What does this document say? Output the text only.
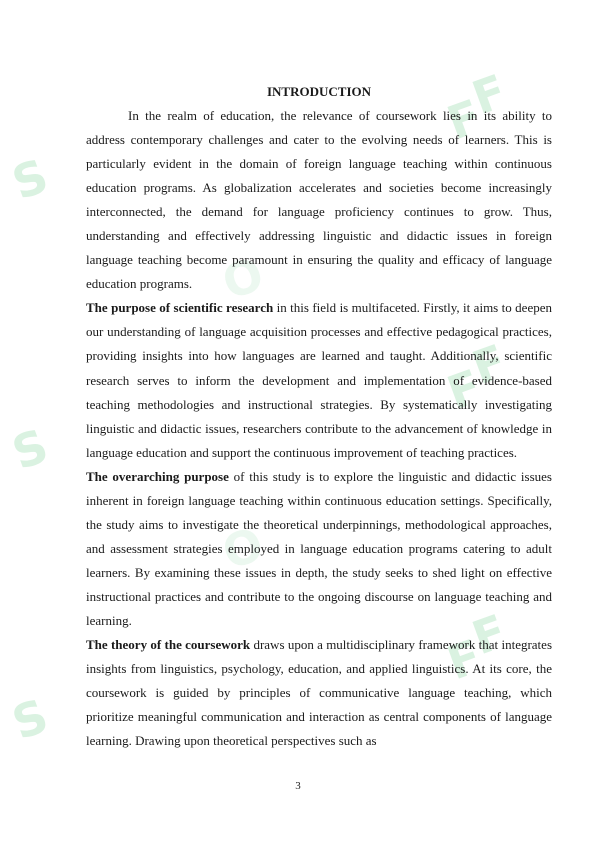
S
S
S
F
F
F
F
F
F
O
O
INTRODUCTION

In the realm of education, the relevance of coursework lies in its ability to address contemporary challenges and cater to the evolving needs of learners. This is particularly evident in the domain of foreign language teaching within continuous education programs. As globalization accelerates and societies become increasingly interconnected, the demand for language proficiency continues to grow. Thus, understanding and effectively addressing linguistic and didactic issues in foreign language teaching become paramount in ensuring the quality and efficacy of language education programs.

The purpose of scientific research in this field is multifaceted. Firstly, it aims to deepen our understanding of language acquisition processes and effective pedagogical practices, providing insights into how languages are learned and taught. Additionally, scientific research serves to inform the development and implementation of evidence-based teaching methodologies and instructional strategies. By systematically investigating linguistic and didactic issues, researchers contribute to the advancement of knowledge in language education and support the continuous improvement of teaching practices.

The overarching purpose of this study is to explore the linguistic and didactic issues inherent in foreign language teaching within continuous education settings. Specifically, the study aims to investigate the theoretical underpinnings, methodological approaches, and assessment strategies employed in language education programs catering to adult learners. By examining these issues in depth, the study seeks to shed light on effective instructional practices and contribute to the ongoing discourse on language teaching and learning.

The theory of the coursework draws upon a multidisciplinary framework that integrates insights from linguistics, psychology, education, and applied linguistics. At its core, the coursework is guided by principles of communicative language teaching, which prioritize meaningful communication and interaction as central components of language learning. Drawing upon theoretical perspectives such as

3
